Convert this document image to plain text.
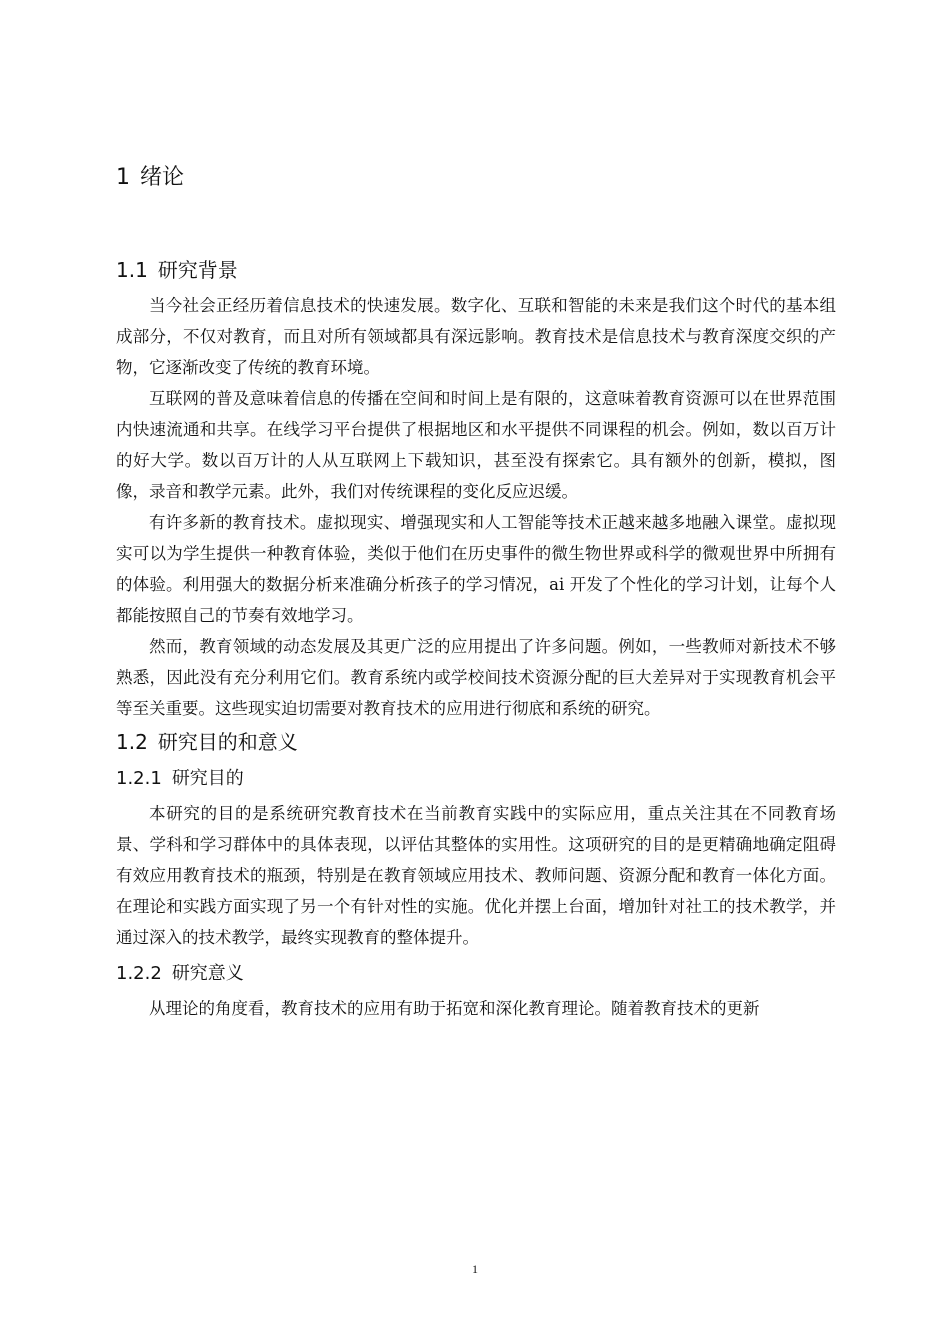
1 绪论
1.1 研究背景

当今社会正经历着信息技术的快速发展。数字化、互联和智能的未来是我们这个时代的基本组成部分，不仅对教育，而且对所有领域都具有深远影响。教育技术是信息技术与教育深度交织的产物，它逐渐改变了传统的教育环境。

互联网的普及意味着信息的传播在空间和时间上是有限的，这意味着教育资源可以在世界范围内快速流通和共享。在线学习平台提供了根据地区和水平提供不同课程的机会。例如，数以百万计的好大学。数以百万计的人从互联网上下载知识，甚至没有探索它。具有额外的创新，模拟，图像，录音和教学元素。此外，我们对传统课程的变化反应迟缓。

有许多新的教育技术。虚拟现实、增强现实和人工智能等技术正越来越多地融入课堂。虚拟现实可以为学生提供一种教育体验，类似于他们在历史事件的微生物世界或科学的微观世界中所拥有的体验。利用强大的数据分析来准确分析孩子的学习情况，ai 开发了个性化的学习计划，让每个人都能按照自己的节奏有效地学习。

然而，教育领域的动态发展及其更广泛的应用提出了许多问题。例如，一些教师对新技术不够熟悉，因此没有充分利用它们。教育系统内或学校间技术资源分配的巨大差异对于实现教育机会平等至关重要。这些现实迫切需要对教育技术的应用进行彻底和系统的研究。

1.2 研究目的和意义
1.2.1 研究目的

本研究的目的是系统研究教育技术在当前教育实践中的实际应用，重点关注其在不同教育场景、学科和学习群体中的具体表现，以评估其整体的实用性。这项研究的目的是更精确地确定阻碍有效应用教育技术的瓶颈，特别是在教育领域应用技术、教师问题、资源分配和教育一体化方面。在理论和实践方面实现了另一个有针对性的实施。优化并摆上台面，增加针对社工的技术教学，并通过深入的技术教学，最终实现教育的整体提升。

1.2.2 研究意义

从理论的角度看，教育技术的应用有助于拓宽和深化教育理论。随着教育技术的更新

1
